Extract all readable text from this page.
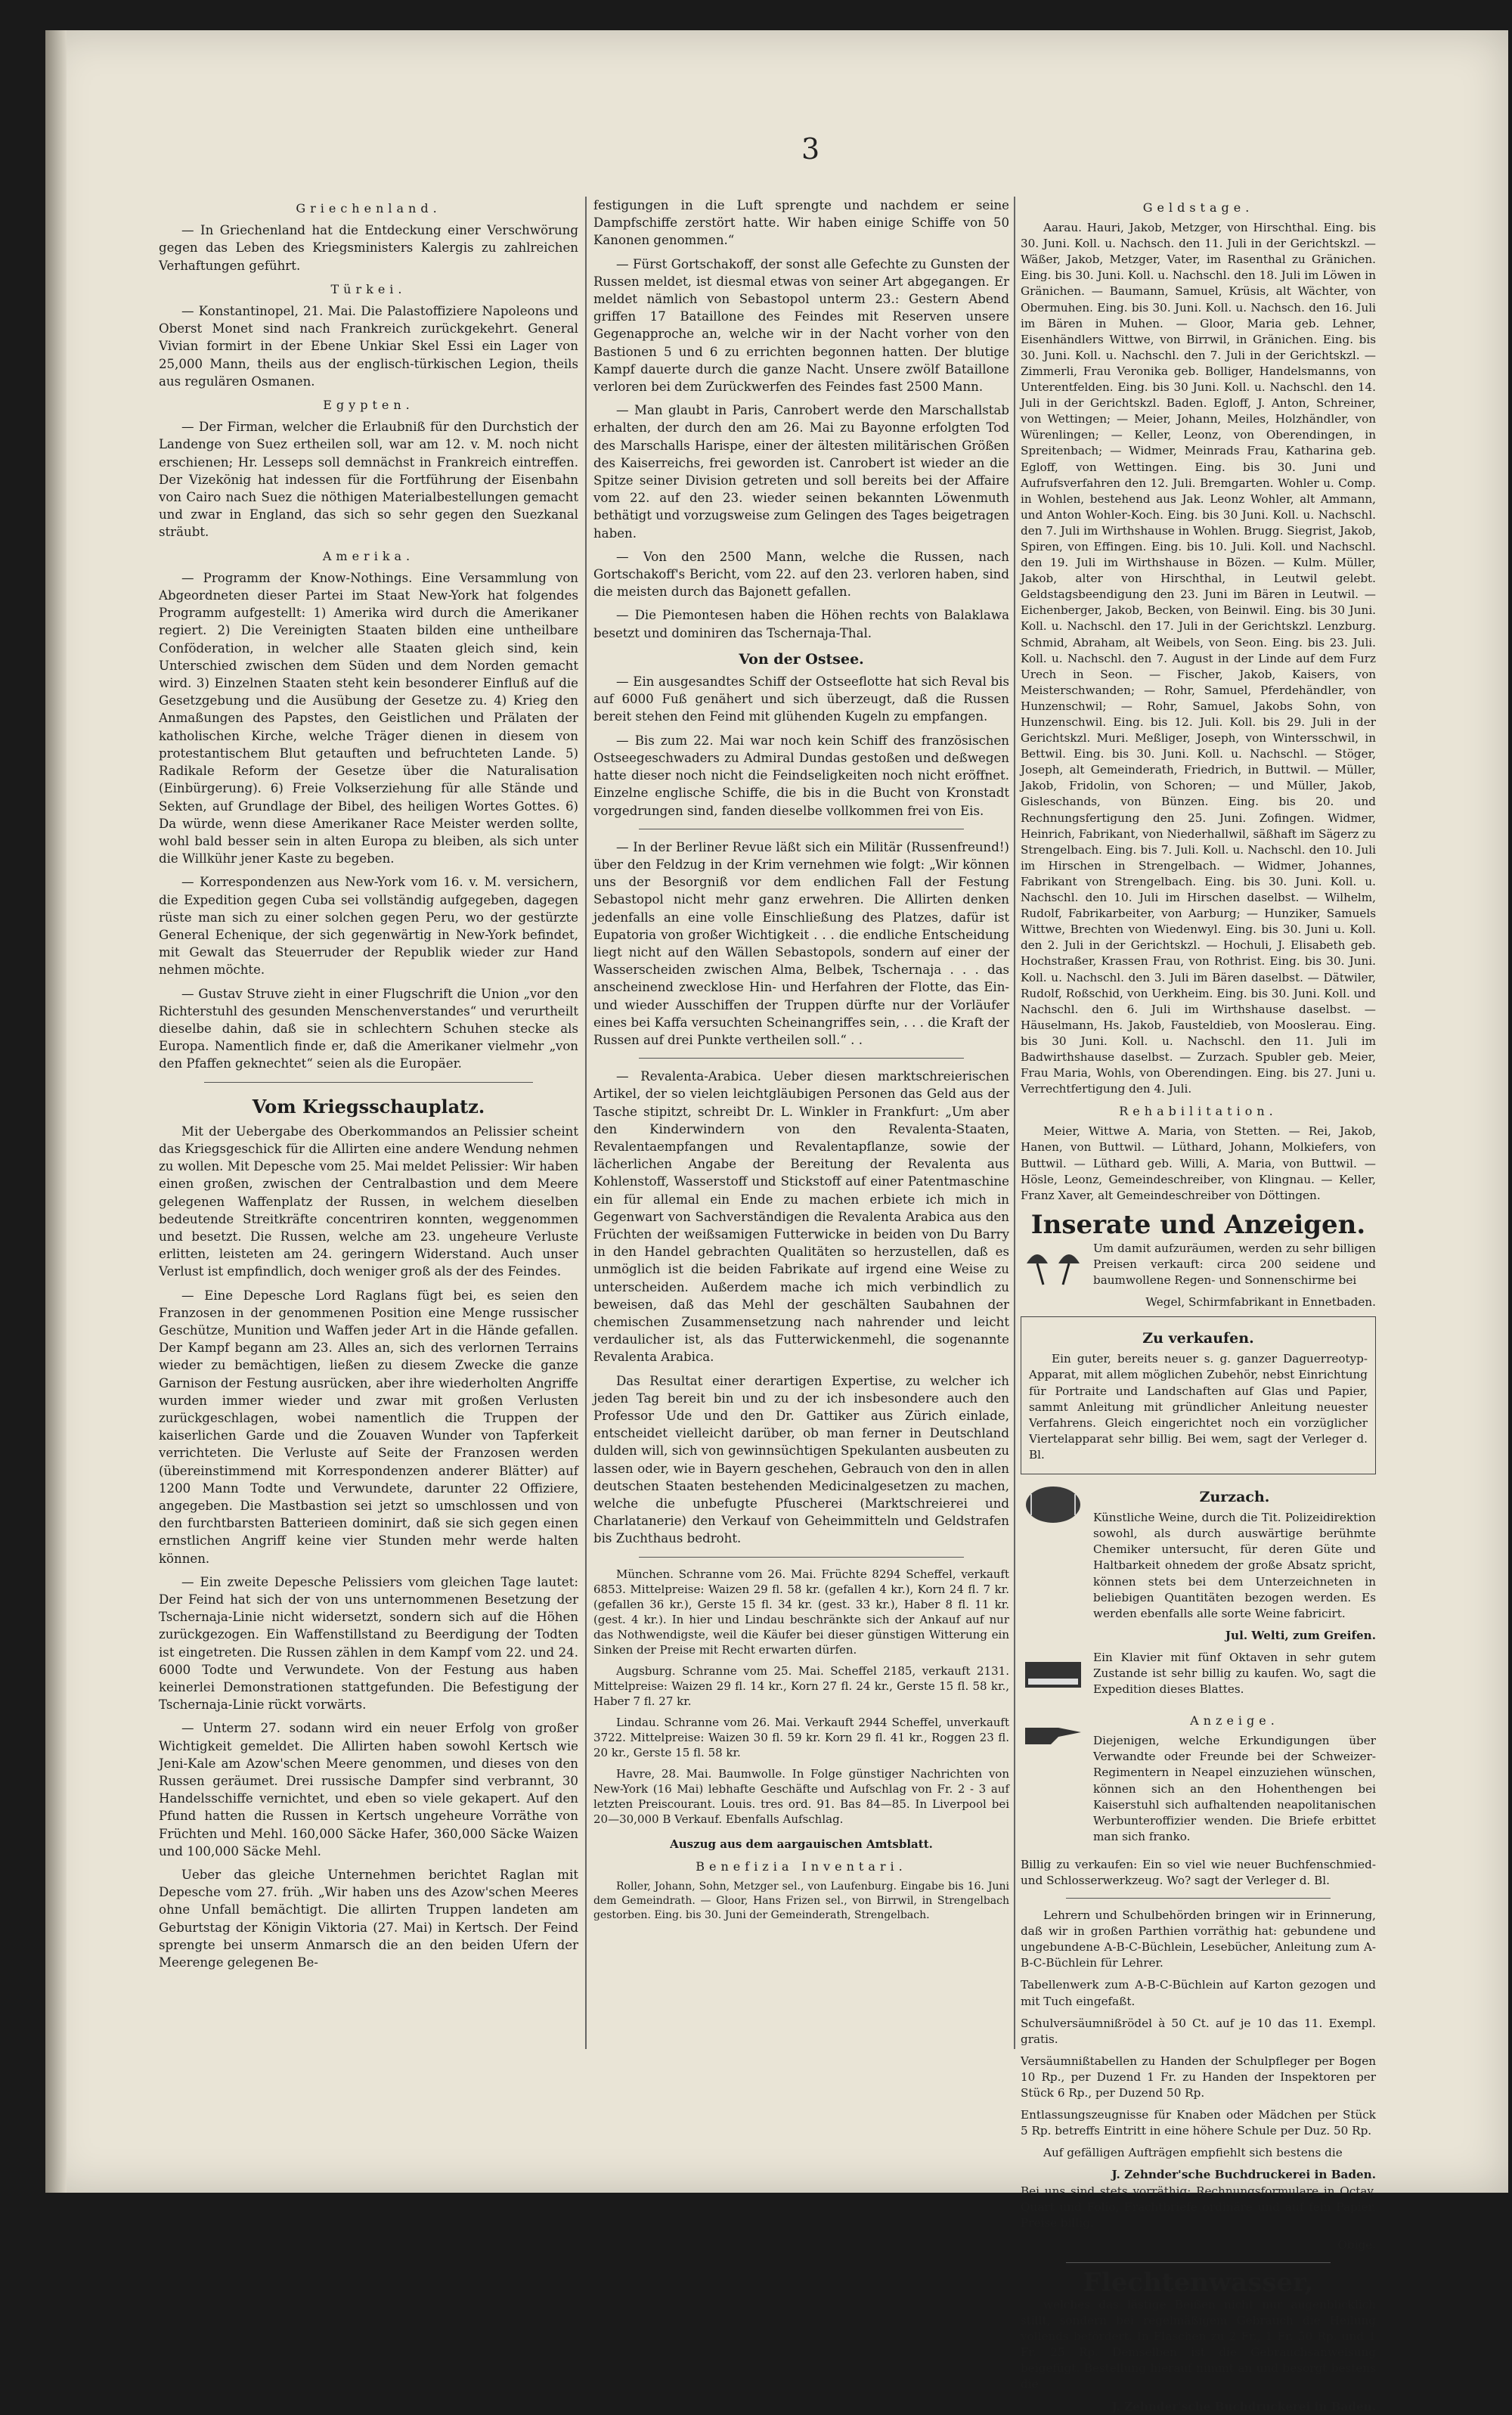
3
Griechenland.

— In Griechenland hat die Entdeckung einer Verschwörung gegen das Leben des Kriegsministers Kalergis zu zahlreichen Verhaftungen geführt.

Türkei.

— Konstantinopel, 21. Mai. Die Palastoffiziere Napoleons und Oberst Monet sind nach Frankreich zurückgekehrt. General Vivian formirt in der Ebene Unkiar Skel Essi ein Lager von 25,000 Mann, theils aus der englisch-türkischen Legion, theils aus regulären Osmanen.

Egypten.

— Der Firman, welcher die Erlaubniß für den Durchstich der Landenge von Suez ertheilen soll, war am 12. v. M. noch nicht erschienen; Hr. Lesseps soll demnächst in Frankreich eintreffen. Der Vizekönig hat indessen für die Fortführung der Eisenbahn von Cairo nach Suez die nöthigen Materialbestellungen gemacht und zwar in England, das sich so sehr gegen den Suezkanal sträubt.

Amerika.

— Programm der Know-Nothings. Eine Versammlung von Abgeordneten dieser Partei im Staat New-York hat folgendes Programm aufgestellt: 1) Amerika wird durch die Amerikaner regiert. 2) Die Vereinigten Staaten bilden eine untheilbare Conföderation, in welcher alle Staaten gleich sind, kein Unterschied zwischen dem Süden und dem Norden gemacht wird. 3) Einzelnen Staaten steht kein besonderer Einfluß auf die Gesetzgebung und die Ausübung der Gesetze zu. 4) Krieg den Anmaßungen des Papstes, den Geistlichen und Prälaten der katholischen Kirche, welche Träger dienen in diesem von protestantischem Blut getauften und befruchteten Lande. 5) Radikale Reform der Gesetze über die Naturalisation (Einbürgerung). 6) Freie Volkserziehung für alle Stände und Sekten, auf Grundlage der Bibel, des heiligen Wortes Gottes. 6) Da würde, wenn diese Amerikaner Race Meister werden sollte, wohl bald besser sein in alten Europa zu bleiben, als sich unter die Willkühr jener Kaste zu begeben.

— Korrespondenzen aus New-York vom 16. v. M. versichern, die Expedition gegen Cuba sei vollständig aufgegeben, dagegen rüste man sich zu einer solchen gegen Peru, wo der gestürzte General Echenique, der sich gegenwärtig in New-York befindet, mit Gewalt das Steuerruder der Republik wieder zur Hand nehmen möchte.

— Gustav Struve zieht in einer Flugschrift die Union „vor den Richterstuhl des gesunden Menschenverstandes“ und verurtheilt dieselbe dahin, daß sie in schlechtern Schuhen stecke als Europa. Namentlich finde er, daß die Amerikaner vielmehr „von den Pfaffen geknechtet“ seien als die Europäer.

Vom Kriegsschauplatz.

Mit der Uebergabe des Oberkommandos an Pelissier scheint das Kriegsgeschick für die Allirten eine andere Wendung nehmen zu wollen. Mit Depesche vom 25. Mai meldet Pelissier: Wir haben einen großen, zwischen der Centralbastion und dem Meere gelegenen Waffenplatz der Russen, in welchem dieselben bedeutende Streitkräfte concentriren konnten, weggenommen und besetzt. Die Russen, welche am 23. ungeheure Verluste erlitten, leisteten am 24. geringern Widerstand. Auch unser Verlust ist empfindlich, doch weniger groß als der des Feindes.

— Eine Depesche Lord Raglans fügt bei, es seien den Franzosen in der genommenen Position eine Menge russischer Geschütze, Munition und Waffen jeder Art in die Hände gefallen. Der Kampf begann am 23. Alles an, sich des verlornen Terrains wieder zu bemächtigen, ließen zu diesem Zwecke die ganze Garnison der Festung ausrücken, aber ihre wiederholten Angriffe wurden immer wieder und zwar mit großen Verlusten zurückgeschlagen, wobei namentlich die Truppen der kaiserlichen Garde und die Zouaven Wunder von Tapferkeit verrichteten. Die Verluste auf Seite der Franzosen werden (übereinstimmend mit Korrespondenzen anderer Blätter) auf 1200 Mann Todte und Verwundete, darunter 22 Offiziere, angegeben. Die Mastbastion sei jetzt so umschlossen und von den furchtbarsten Batterieen dominirt, daß sie sich gegen einen ernstlichen Angriff keine vier Stunden mehr werde halten können.

— Ein zweite Depesche Pelissiers vom gleichen Tage lautet: Der Feind hat sich der von uns unternommenen Besetzung der Tschernaja-Linie nicht widersetzt, sondern sich auf die Höhen zurückgezogen. Ein Waffenstillstand zu Beerdigung der Todten ist eingetreten. Die Russen zählen in dem Kampf vom 22. und 24. 6000 Todte und Verwundete. Von der Festung aus haben keinerlei Demonstrationen stattgefunden. Die Befestigung der Tschernaja-Linie rückt vorwärts.

— Unterm 27. sodann wird ein neuer Erfolg von großer Wichtigkeit gemeldet. Die Allirten haben sowohl Kertsch wie Jeni-Kale am Azow'schen Meere genommen, und dieses von den Russen geräumet. Drei russische Dampfer sind verbrannt, 30 Handelsschiffe vernichtet, und eben so viele gekapert. Auf den Pfund hatten die Russen in Kertsch ungeheure Vorräthe von Früchten und Mehl. 160,000 Säcke Hafer, 360,000 Säcke Waizen und 100,000 Säcke Mehl.

Ueber das gleiche Unternehmen berichtet Raglan mit Depesche vom 27. früh. „Wir haben uns des Azow'schen Meeres ohne Unfall bemächtigt. Die allirten Truppen landeten am Geburtstag der Königin Viktoria (27. Mai) in Kertsch. Der Feind sprengte bei unserm Anmarsch die an den beiden Ufern der Meerenge gelegenen Be-

festigungen in die Luft sprengte und nachdem er seine Dampfschiffe zerstört hatte. Wir haben einige Schiffe von 50 Kanonen genommen.“

— Fürst Gortschakoff, der sonst alle Gefechte zu Gunsten der Russen meldet, ist diesmal etwas von seiner Art abgegangen. Er meldet nämlich von Sebastopol unterm 23.: Gestern Abend griffen 17 Bataillone des Feindes mit Reserven unsere Gegenapproche an, welche wir in der Nacht vorher von den Bastionen 5 und 6 zu errichten begonnen hatten. Der blutige Kampf dauerte durch die ganze Nacht. Unsere zwölf Bataillone verloren bei dem Zurückwerfen des Feindes fast 2500 Mann.

— Man glaubt in Paris, Canrobert werde den Marschallstab erhalten, der durch den am 26. Mai zu Bayonne erfolgten Tod des Marschalls Harispe, einer der ältesten militärischen Größen des Kaiserreichs, frei geworden ist. Canrobert ist wieder an die Spitze seiner Division getreten und soll bereits bei der Affaire vom 22. auf den 23. wieder seinen bekannten Löwenmuth bethätigt und vorzugsweise zum Gelingen des Tages beigetragen haben.

— Von den 2500 Mann, welche die Russen, nach Gortschakoff's Bericht, vom 22. auf den 23. verloren haben, sind die meisten durch das Bajonett gefallen.

— Die Piemontesen haben die Höhen rechts von Balaklawa besetzt und dominiren das Tschernaja-Thal.

Von der Ostsee.

— Ein ausgesandtes Schiff der Ostseeflotte hat sich Reval bis auf 6000 Fuß genähert und sich überzeugt, daß die Russen bereit stehen den Feind mit glühenden Kugeln zu empfangen.

— Bis zum 22. Mai war noch kein Schiff des französischen Ostseegeschwaders zu Admiral Dundas gestoßen und deßwegen hatte dieser noch nicht die Feindseligkeiten noch nicht eröffnet. Einzelne englische Schiffe, die bis in die Bucht von Kronstadt vorgedrungen sind, fanden dieselbe vollkommen frei von Eis.

— In der Berliner Revue läßt sich ein Militär (Russenfreund!) über den Feldzug in der Krim vernehmen wie folgt: „Wir können uns der Besorgniß vor dem endlichen Fall der Festung Sebastopol nicht mehr ganz erwehren. Die Allirten denken jedenfalls an eine volle Einschließung des Platzes, dafür ist Eupatoria von großer Wichtigkeit . . . die endliche Entscheidung liegt nicht auf den Wällen Sebastopols, sondern auf einer der Wasserscheiden zwischen Alma, Belbek, Tschernaja . . . das anscheinend zwecklose Hin- und Herfahren der Flotte, das Ein- und wieder Ausschiffen der Truppen dürfte nur der Vorläufer eines bei Kaffa versuchten Scheinangriffes sein, . . . die Kraft der Russen auf drei Punkte vertheilen soll.“ . .

— Revalenta-Arabica. Ueber diesen marktschreierischen Artikel, der so vielen leichtgläubigen Personen das Geld aus der Tasche stipitzt, schreibt Dr. L. Winkler in Frankfurt: „Um aber den Kinderwindern von den Revalenta-Staaten, Revalentaempfangen und Revalentapflanze, sowie der lächerlichen Angabe der Bereitung der Revalenta aus Kohlenstoff, Wasserstoff und Stickstoff auf einer Patentmaschine ein für allemal ein Ende zu machen erbiete ich mich in Gegenwart von Sachverständigen die Revalenta Arabica aus den Früchten der weißsamigen Futterwicke in beiden von Du Barry in den Handel gebrachten Qualitäten so herzustellen, daß es unmöglich ist die beiden Fabrikate auf irgend eine Weise zu unterscheiden. Außerdem mache ich mich verbindlich zu beweisen, daß das Mehl der geschälten Saubahnen der chemischen Zusammensetzung nach nahrender und leicht verdaulicher ist, als das Futterwickenmehl, die sogenannte Revalenta Arabica.

Das Resultat einer derartigen Expertise, zu welcher ich jeden Tag bereit bin und zu der ich insbesondere auch den Professor Ude und den Dr. Gattiker aus Zürich einlade, entscheidet vielleicht darüber, ob man ferner in Deutschland dulden will, sich von gewinnsüchtigen Spekulanten ausbeuten zu lassen oder, wie in Bayern geschehen, Gebrauch von den in allen deutschen Staaten bestehenden Medicinalgesetzen zu machen, welche die unbefugte Pfuscherei (Marktschreierei und Charlatanerie) den Verkauf von Geheimmitteln und Geldstrafen bis Zuchthaus bedroht.

München. Schranne vom 26. Mai. Früchte 8294 Scheffel, verkauft 6853. Mittelpreise: Waizen 29 fl. 58 kr. (gefallen 4 kr.), Korn 24 fl. 7 kr. (gefallen 36 kr.), Gerste 15 fl. 34 kr. (gest. 33 kr.), Haber 8 fl. 11 kr. (gest. 4 kr.). In hier und Lindau beschränkte sich der Ankauf auf nur das Nothwendigste, weil die Käufer bei dieser günstigen Witterung ein Sinken der Preise mit Recht erwarten dürfen.

Augsburg. Schranne vom 25. Mai. Scheffel 2185, verkauft 2131. Mittelpreise: Waizen 29 fl. 14 kr., Korn 27 fl. 24 kr., Gerste 15 fl. 58 kr., Haber 7 fl. 27 kr.

Lindau. Schranne vom 26. Mai. Verkauft 2944 Scheffel, unverkauft 3722. Mittelpreise: Waizen 30 fl. 59 kr. Korn 29 fl. 41 kr., Roggen 23 fl. 20 kr., Gerste 15 fl. 58 kr.

Havre, 28. Mai. Baumwolle. In Folge günstiger Nachrichten von New-York (16 Mai) lebhafte Geschäfte und Aufschlag von Fr. 2 - 3 auf letzten Preiscourant. Louis. tres ord. 91. Bas 84—85. In Liverpool bei 20—30,000 B Verkauf. Ebenfalls Aufschlag.

Auszug aus dem aargauischen Amtsblatt.
Benefizia Inventari.

Roller, Johann, Sohn, Metzger sel., von Laufenburg. Eingabe bis 16. Juni dem Gemeindrath. — Gloor, Hans Frizen sel., von Birrwil, in Strengelbach gestorben. Eing. bis 30. Juni der Gemeinderath, Strengelbach.

Geldstage.

Aarau. Hauri, Jakob, Metzger, von Hirschthal. Eing. bis 30. Juni. Koll. u. Nachsch. den 11. Juli in der Gerichtskzl. — Wäßer, Jakob, Metzger, Vater, im Rasenthal zu Gränichen. Eing. bis 30. Juni. Koll. u. Nachschl. den 18. Juli im Löwen in Gränichen. — Baumann, Samuel, Krüsis, alt Wächter, von Obermuhen. Eing. bis 30. Juni. Koll. u. Nachsch. den 16. Juli im Bären in Muhen. — Gloor, Maria geb. Lehner, Eisenhändlers Wittwe, von Birrwil, in Gränichen. Eing. bis 30. Juni. Koll. u. Nachschl. den 7. Juli in der Gerichtskzl. — Zimmerli, Frau Veronika geb. Bolliger, Handelsmanns, von Unterentfelden. Eing. bis 30 Juni. Koll. u. Nachschl. den 14. Juli in der Gerichtskzl. Baden. Egloff, J. Anton, Schreiner, von Wettingen; — Meier, Johann, Meiles, Holzhändler, von Würenlingen; — Keller, Leonz, von Oberendingen, in Spreitenbach; — Widmer, Meinrads Frau, Katharina geb. Egloff, von Wettingen. Eing. bis 30. Juni und Aufrufsverfahren den 12. Juli. Bremgarten. Wohler u. Comp. in Wohlen, bestehend aus Jak. Leonz Wohler, alt Ammann, und Anton Wohler-Koch. Eing. bis 30 Juni. Koll. u. Nachschl. den 7. Juli im Wirthshause in Wohlen. Brugg. Siegrist, Jakob, Spiren, von Effingen. Eing. bis 10. Juli. Koll. und Nachschl. den 19. Juli im Wirthshause in Bözen. — Kulm. Müller, Jakob, alter von Hirschthal, in Leutwil gelebt. Geldstagsbeendigung den 23. Juni im Bären in Leutwil. — Eichenberger, Jakob, Becken, von Beinwil. Eing. bis 30 Juni. Koll. u. Nachschl. den 17. Juli in der Gerichtskzl. Lenzburg. Schmid, Abraham, alt Weibels, von Seon. Eing. bis 23. Juli. Koll. u. Nachschl. den 7. August in der Linde auf dem Furz Urech in Seon. — Fischer, Jakob, Kaisers, von Meisterschwanden; — Rohr, Samuel, Pferdehändler, von Hunzenschwil; — Rohr, Samuel, Jakobs Sohn, von Hunzenschwil. Eing. bis 12. Juli. Koll. bis 29. Juli in der Gerichtskzl. Muri. Meßliger, Joseph, von Wintersschwil, in Bettwil. Eing. bis 30. Juni. Koll. u. Nachschl. — Stöger, Joseph, alt Gemeinderath, Friedrich, in Buttwil. — Müller, Jakob, Fridolin, von Schoren; — und Müller, Jakob, Gisleschands, von Bünzen. Eing. bis 20. und Rechnungsfertigung den 25. Juni. Zofingen. Widmer, Heinrich, Fabrikant, von Niederhallwil, säßhaft im Sägerz zu Strengelbach. Eing. bis 7. Juli. Koll. u. Nachschl. den 10. Juli im Hirschen in Strengelbach. — Widmer, Johannes, Fabrikant von Strengelbach. Eing. bis 30. Juni. Koll. u. Nachschl. den 10. Juli im Hirschen daselbst. — Wilhelm, Rudolf, Fabrikarbeiter, von Aarburg; — Hunziker, Samuels Wittwe, Brechten von Wiedenwyl. Eing. bis 30. Juni u. Koll. den 2. Juli in der Gerichtskzl. — Hochuli, J. Elisabeth geb. Hochstraßer, Krassen Frau, von Rothrist. Eing. bis 30. Juni. Koll. u. Nachschl. den 3. Juli im Bären daselbst. — Dätwiler, Rudolf, Roßschid, von Uerkheim. Eing. bis 30. Juni. Koll. und Nachschl. den 6. Juli im Wirthshause daselbst. — Häuselmann, Hs. Jakob, Fausteldieb, von Mooslerau. Eing. bis 30 Juni. Koll. u. Nachschl. den 11. Juli im Badwirthshause daselbst. — Zurzach. Spubler geb. Meier, Frau Maria, Wohls, von Oberendingen. Eing. bis 27. Juni u. Verrechtfertigung den 4. Juli.

Rehabilitation.

Meier, Wittwe A. Maria, von Stetten. — Rei, Jakob, Hanen, von Buttwil. — Lüthard, Johann, Molkiefers, von Buttwil. — Lüthard geb. Willi, A. Maria, von Buttwil. — Hösle, Leonz, Gemeindeschreiber, von Klingnau. — Keller, Franz Xaver, alt Gemeindeschreiber von Döttingen.

Inserate und Anzeigen.

Um damit aufzuräumen, werden zu sehr billigen Preisen verkauft: circa 200 seidene und baumwollene Regen- und Sonnenschirme bei

Wegel, Schirmfabrikant in Ennetbaden.
Zu verkaufen.

Ein guter, bereits neuer s. g. ganzer Daguerreotyp-Apparat, mit allem möglichen Zubehör, nebst Einrichtung für Portraite und Landschaften auf Glas und Papier, sammt Anleitung mit gründlicher Anleitung neuester Verfahrens. Gleich eingerichtet noch ein vorzüglicher Viertelapparat sehr billig. Bei wem, sagt der Verleger d. Bl.

Zurzach.

Künstliche Weine, durch die Tit. Polizeidirektion sowohl, als durch auswärtige berühmte Chemiker untersucht, für deren Güte und Haltbarkeit ohnedem der große Absatz spricht, können stets bei dem Unterzeichneten in beliebigen Quantitäten bezogen werden. Es werden ebenfalls alle sorte Weine fabricirt.

Jul. Welti, zum Greifen.

Ein Klavier mit fünf Oktaven in sehr gutem Zustande ist sehr billig zu kaufen. Wo, sagt die Expedition dieses Blattes.

Anzeige.

Diejenigen, welche Erkundigungen über Verwandte oder Freunde bei der Schweizer-Regimentern in Neapel einzuziehen wünschen, können sich an den Hohenthengen bei Kaiserstuhl sich aufhaltenden neapolitanischen Werbunteroffizier wenden. Die Briefe erbittet man sich franko.

Billig zu verkaufen: Ein so viel wie neuer Buchfenschmied- und Schlosserwerkzeug. Wo? sagt der Verleger d. Bl.

Lehrern und Schulbehörden bringen wir in Erinnerung, daß wir in großen Parthien vorräthig hat: gebundene und ungebundene A-B-C-Büchlein, Lesebücher, Anleitung zum A-B-C-Büchlein für Lehrer.

Tabellenwerk zum A-B-C-Büchlein auf Karton gezogen und mit Tuch eingefaßt.

Schulversäumnißrödel à 50 Ct. auf je 10 das 11. Exempl. gratis.

Versäumnißtabellen zu Handen der Schulpfleger per Bogen 10 Rp., per Duzend 1 Fr. zu Handen der Inspektoren per Stück 6 Rp., per Duzend 50 Rp.

Entlassungszeugnisse für Knaben oder Mädchen per Stück 5 Rp. betreffs Eintritt in eine höhere Schule per Duz. 50 Rp.

Auf gefälligen Aufträgen empfiehlt sich bestens die

J. Zehnder'sche Buchdruckerei in Baden.

Bei uns sind stets vorräthig: Rechnungsformulare in Octav, Quart und Folio, Frachtbriefe ordinäre und auf fein Papier. Preise billig.

Obige.
Flechtenwasser,

welches das lästige Beißen nicht nur augenblicklich stillt, sondern bei regelmäßigem Gebrauch die Heilung vollends befördert. In Flaschen zu 2 Fr., 1 Fr. 50 Rp. und 1 Fr. 25 Rp. Demselben ist die Gebrauchsanweisung beigefügt. Bestellung hierauf nimmt an und besorgt bestens die

J. Zehnder'sche Buchdruckerei in Baden.
